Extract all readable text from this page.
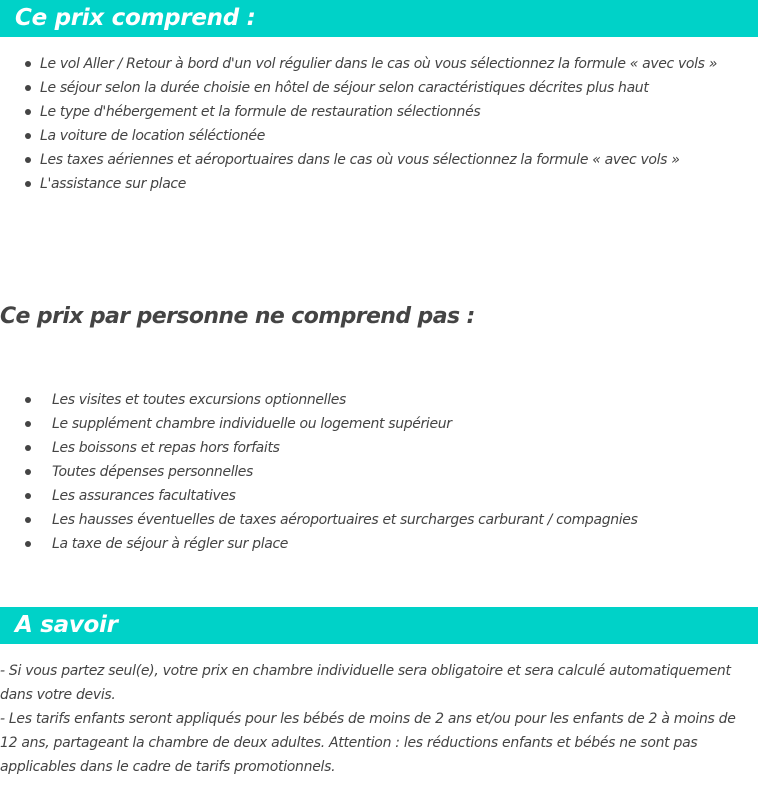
Ce prix comprend :
Le vol Aller / Retour à bord d'un vol régulier dans le cas où vous sélectionnez la formule « avec vols »
Le séjour selon la durée choisie en hôtel de séjour selon caractéristiques décrites plus haut
Le type d'hébergement et la formule de restauration sélectionnés
La voiture de location séléctionée
Les taxes aériennes et aéroportuaires dans le cas où vous sélectionnez la formule « avec vols »
L'assistance sur place
Ce prix par personne ne comprend pas :
Les visites et toutes excursions optionnelles
Le supplément chambre individuelle ou logement supérieur
Les boissons et repas hors forfaits
Toutes dépenses personnelles
Les assurances facultatives
Les hausses éventuelles de taxes aéroportuaires et surcharges carburant / compagnies
La taxe de séjour à régler sur place
A savoir

- Si vous partez seul(e), votre prix en chambre individuelle sera obligatoire et sera calculé automatiquement dans votre devis.

- Les tarifs enfants seront appliqués pour les bébés de moins de 2 ans et/ou pour les enfants de 2 à moins de 12 ans, partageant la chambre de deux adultes. Attention : les réductions enfants et bébés ne sont pas applicables dans le cadre de tarifs promotionnels.
